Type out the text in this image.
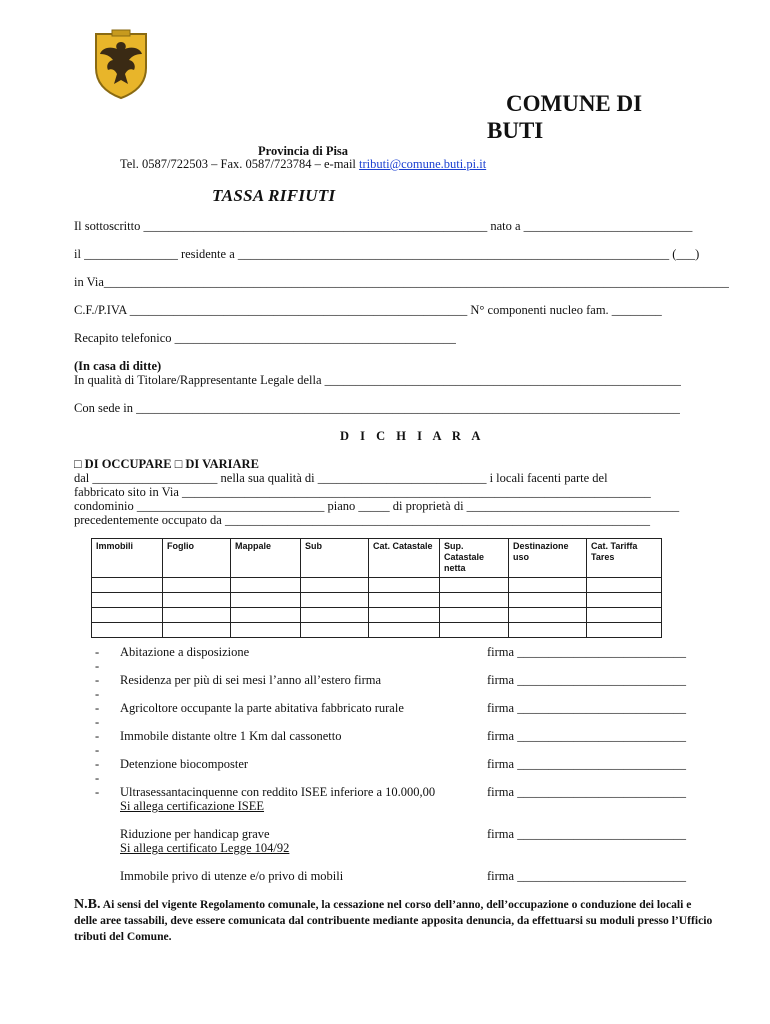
COMUNE DI
BUTI
Provincia di Pisa
Tel. 0587/722503 – Fax. 0587/723784 – e-mail tributi@comune.buti.pi.it
TASSA RIFIUTI
Il sottoscritto _______________________________________________________ nato a ___________________________
il _______________ residente a _____________________________________________________________________ (___)
in Via____________________________________________________________________________________________________
C.F./P.IVA ______________________________________________________ N° componenti nucleo fam. ________
Recapito telefonico _____________________________________________
(In casa di ditte)
In qualità di Titolare/Rappresentante Legale della _________________________________________________________
Con sede in _______________________________________________________________________________________
D I C H I A R A
□ DI OCCUPARE □ DI VARIARE
dal ____________________ nella sua qualità di ___________________________ i locali facenti parte del
fabbricato sito in Via ___________________________________________________________________________
condominio ______________________________ piano _____ di proprietà di __________________________________
precedentemente occupato da ____________________________________________________________________
Immobili	Foglio	Mappale	Sub	Cat. Catastale	Sup. Catastale netta	Destinazione uso	Cat. Tariffa Tares

-
-
Abitazione a disposizione	firma ___________________________
-
-
Residenza per più di sei mesi l’anno all’estero firma	firma ___________________________
-
-
Agricoltore occupante la parte abitativa fabbricato rurale	firma ___________________________
-
-
Immobile distante oltre 1 Km dal cassonetto	firma ___________________________
-
-
Detenzione biocomposter	firma ___________________________
- Ultrasessantacinquenne con reddito ISEE inferiore a 10.000,00
Si allega certificazione ISEE
firma ___________________________
Riduzione per handicap grave
Si allega certificato Legge 104/92
firma ___________________________
Immobile privo di utenze e/o privo di mobili	firma ___________________________
N.B. Ai sensi del vigente Regolamento comunale, la cessazione nel corso dell’anno, dell’occupazione o conduzione dei locali e delle aree tassabili, deve essere comunicata dal contribuente mediante apposita denuncia, da effettuarsi su moduli presso l’Ufficio tributi del Comune.
